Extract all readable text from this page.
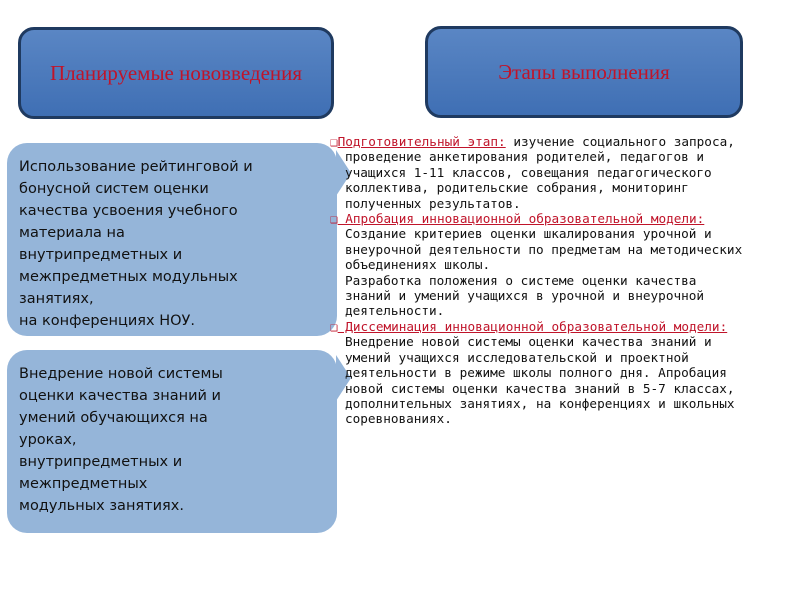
Планируемые нововведения	Этапы выполнения
Использование рейтинговой и
бонусной систем оценки
качества усвоения учебного
материала на
внутрипредметных и
межпредметных модульных
занятиях,
на конференциях НОУ.
Внедрение новой системы
оценки качества знаний и
умений обучающихся на
уроках,
внутрипредметных и
межпредметных
модульных занятиях.
❑Подготовительный этап: изучение социального запроса,
проведение анкетирования родителей, педагогов и
учащихся 1-11 классов, совещания педагогического
коллектива, родительские собрания, мониторинг
полученных результатов.
❑ Апробация инновационной образовательной модели:
Создание критериев оценки шкалирования урочной и
внеурочной деятельности по предметам на методических
объединениях школы.
Разработка положения о системе оценки качества
знаний и умений учащихся в урочной и внеурочной
деятельности.
❑ Диссеминация инновационной образовательной модели:
Внедрение новой системы оценки качества знаний и
умений учащихся исследовательской и проектной
деятельности в режиме школы полного дня. Апробация
новой системы оценки качества знаний в 5-7 классах,
дополнительных занятиях, на конференциях и школьных
соревнованиях.
